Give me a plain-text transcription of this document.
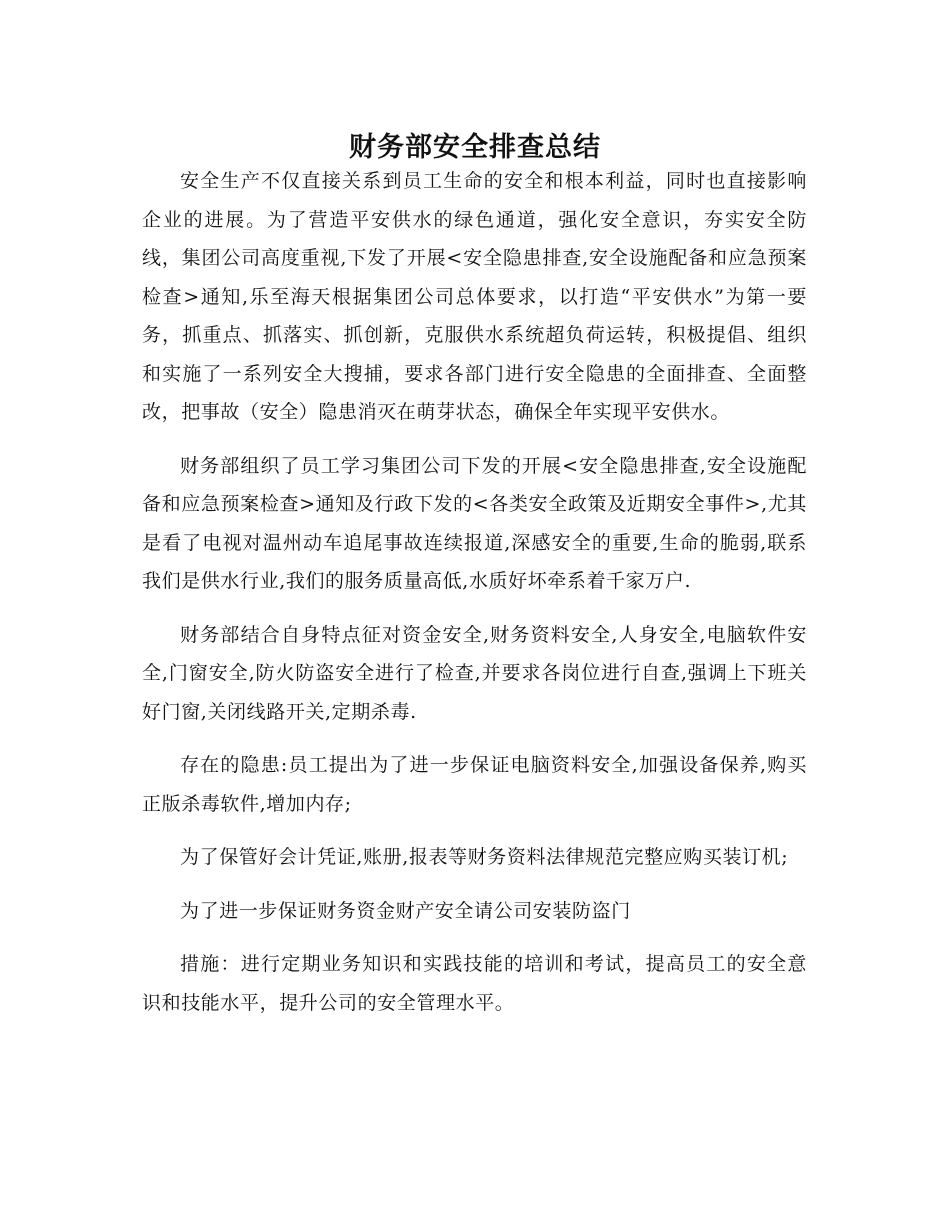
财务部安全排查总结

安全生产不仅直接关系到员工生命的安全和根本利益，同时也直接影响企业的进展。为了营造平安供水的绿色通道，强化安全意识，夯实安全防线，集团公司高度重视,下发了开展<安全隐患排查,安全设施配备和应急预案检查>通知,乐至海天根据集团公司总体要求，以打造“平安供水”为第一要务，抓重点、抓落实、抓创新，克服供水系统超负荷运转，积极提倡、组织和实施了一系列安全大搜捕，要求各部门进行安全隐患的全面排查、全面整改，把事故（安全）隐患消灭在萌芽状态，确保全年实现平安供水。

财务部组织了员工学习集团公司下发的开展<安全隐患排查,安全设施配备和应急预案检查>通知及行政下发的<各类安全政策及近期安全事件>,尤其是看了电视对温州动车追尾事故连续报道,深感安全的重要,生命的脆弱,联系我们是供水行业,我们的服务质量高低,水质好坏牵系着千家万户.

财务部结合自身特点征对资金安全,财务资料安全,人身安全,电脑软件安全,门窗安全,防火防盗安全进行了检查,并要求各岗位进行自查,强调上下班关好门窗,关闭线路开关,定期杀毒.

存在的隐患:员工提出为了进一步保证电脑资料安全,加强设备保养,购买正版杀毒软件,增加内存;

为了保管好会计凭证,账册,报表等财务资料法律规范完整应购买装订机;

为了进一步保证财务资金财产安全请公司安装防盗门

措施：进行定期业务知识和实践技能的培训和考试，提高员工的安全意识和技能水平，提升公司的安全管理水平。
